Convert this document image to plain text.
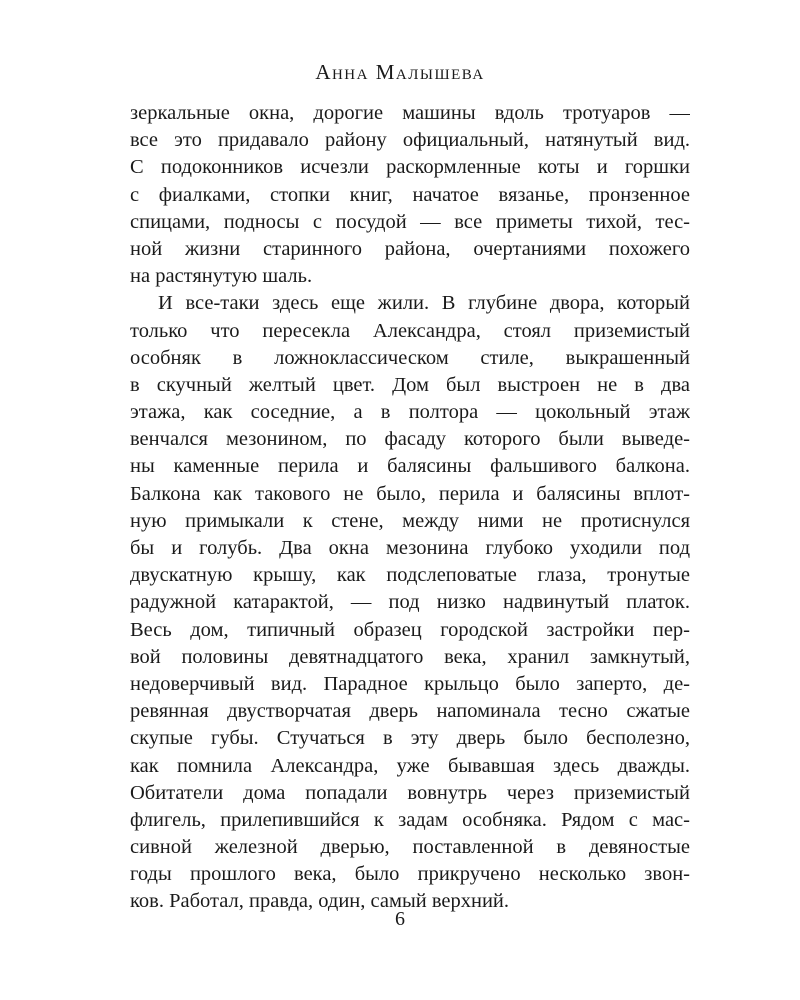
Анна Малышева
зеркальные окна, дорогие машины вдоль тротуаров —
все это придавало району официальный, натянутый вид.
С подоконников исчезли раскормленные коты и горшки
с фиалками, стопки книг, начатое вязанье, пронзенное
спицами, подносы с посудой — все приметы тихой, тес-
ной жизни старинного района, очертаниями похожего
на растянутую шаль.
И все-таки здесь еще жили. В глубине двора, который
только что пересекла Александра, стоял приземистый
особняк в ложноклассическом стиле, выкрашенный
в скучный желтый цвет. Дом был выстроен не в два
этажа, как соседние, а в полтора — цокольный этаж
венчался мезонином, по фасаду которого были выведе-
ны каменные перила и балясины фальшивого балкона.
Балкона как такового не было, перила и балясины вплот-
ную примыкали к стене, между ними не протиснулся
бы и голубь. Два окна мезонина глубоко уходили под
двускатную крышу, как подслеповатые глаза, тронутые
радужной катарактой, — под низко надвинутый платок.
Весь дом, типичный образец городской застройки пер-
вой половины девятнадцатого века, хранил замкнутый,
недоверчивый вид. Парадное крыльцо было заперто, де-
ревянная двустворчатая дверь напоминала тесно сжатые
скупые губы. Стучаться в эту дверь было бесполезно,
как помнила Александра, уже бывавшая здесь дважды.
Обитатели дома попадали вовнутрь через приземистый
флигель, прилепившийся к задам особняка. Рядом с мас-
сивной железной дверью, поставленной в девяностые
годы прошлого века, было прикручено несколько звон-
ков. Работал, правда, один, самый верхний.
6
